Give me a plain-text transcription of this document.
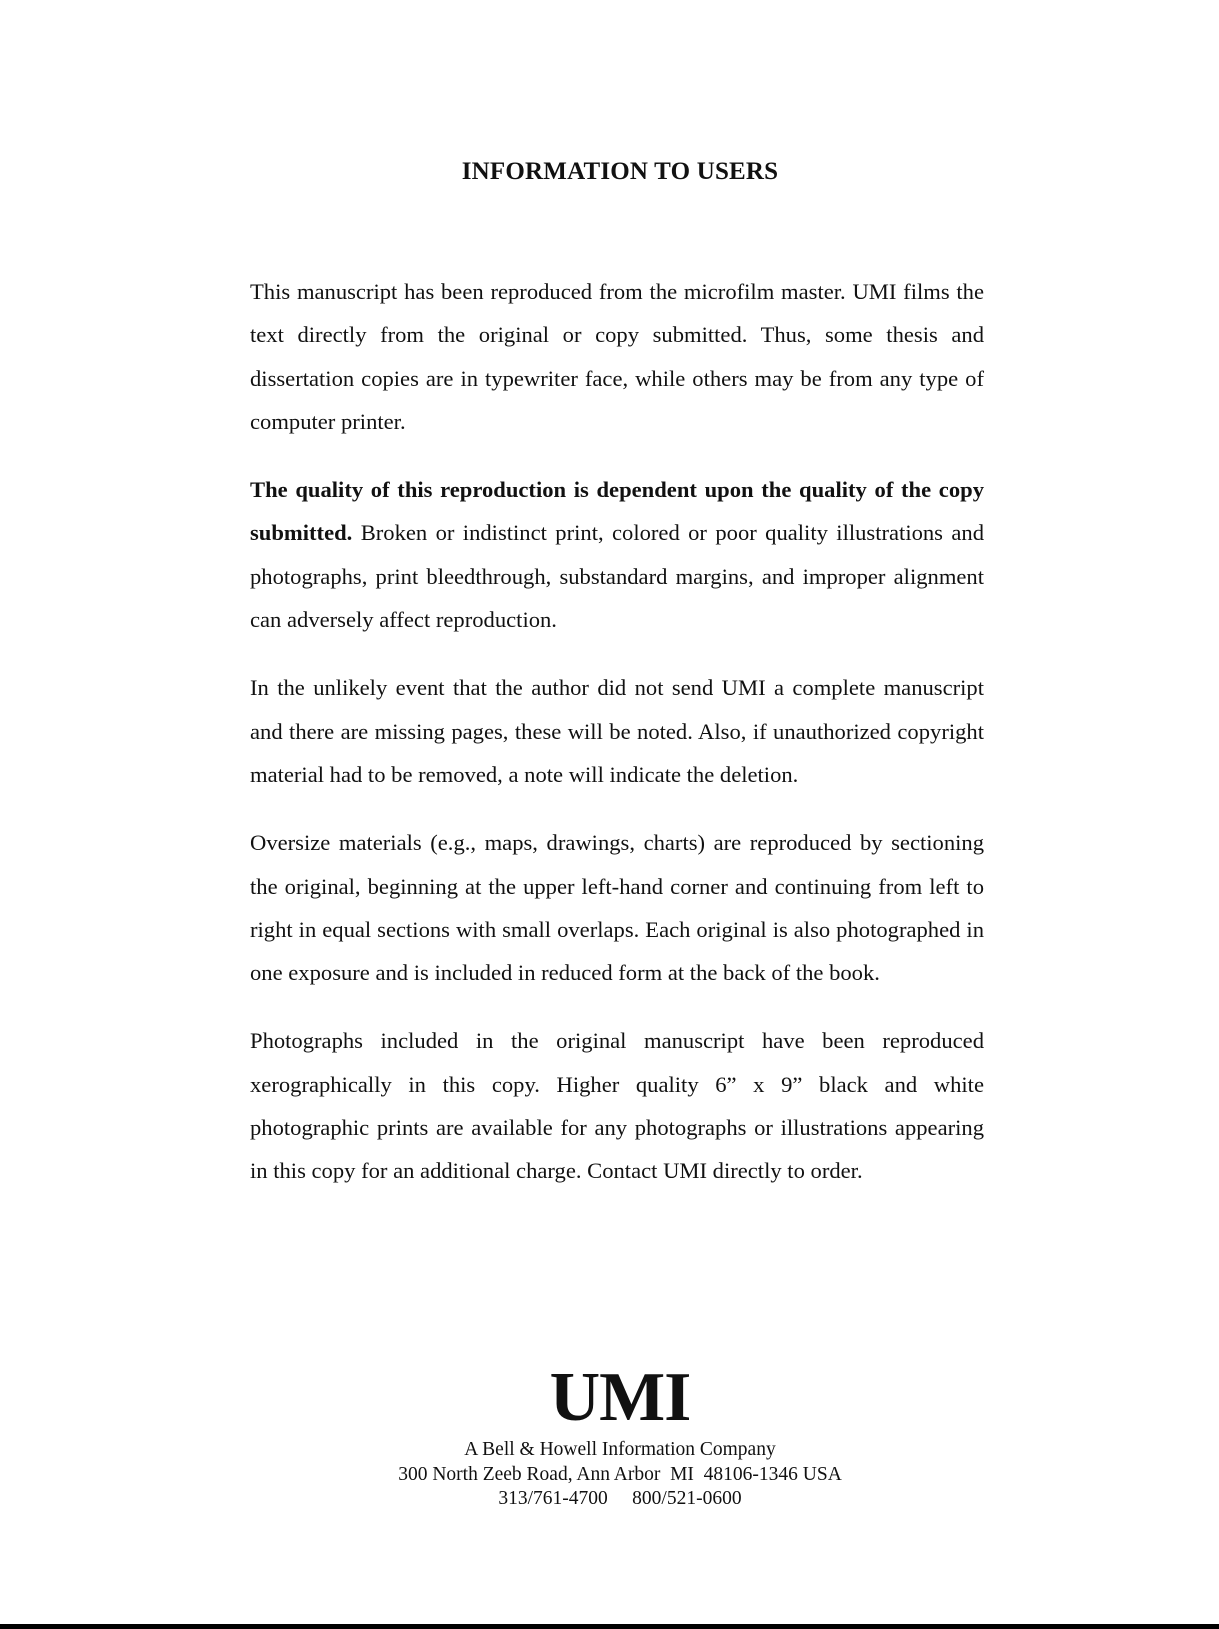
INFORMATION TO USERS

This manuscript has been reproduced from the microfilm master. UMI films the text directly from the original or copy submitted. Thus, some thesis and dissertation copies are in typewriter face, while others may be from any type of computer printer.

The quality of this reproduction is dependent upon the quality of the copy submitted. Broken or indistinct print, colored or poor quality illustrations and photographs, print bleedthrough, substandard margins, and improper alignment can adversely affect reproduction.

In the unlikely event that the author did not send UMI a complete manuscript and there are missing pages, these will be noted. Also, if unauthorized copyright material had to be removed, a note will indicate the deletion.

Oversize materials (e.g., maps, drawings, charts) are reproduced by sectioning the original, beginning at the upper left-hand corner and continuing from left to right in equal sections with small overlaps. Each original is also photographed in one exposure and is included in reduced form at the back of the book.

Photographs included in the original manuscript have been reproduced xerographically in this copy. Higher quality 6” x 9” black and white photographic prints are available for any photographs or illustrations appearing in this copy for an additional charge. Contact UMI directly to order.

UMI
A Bell & Howell Information Company
300 North Zeeb Road, Ann Arbor  MI  48106-1346 USA
313/761-4700     800/521-0600
